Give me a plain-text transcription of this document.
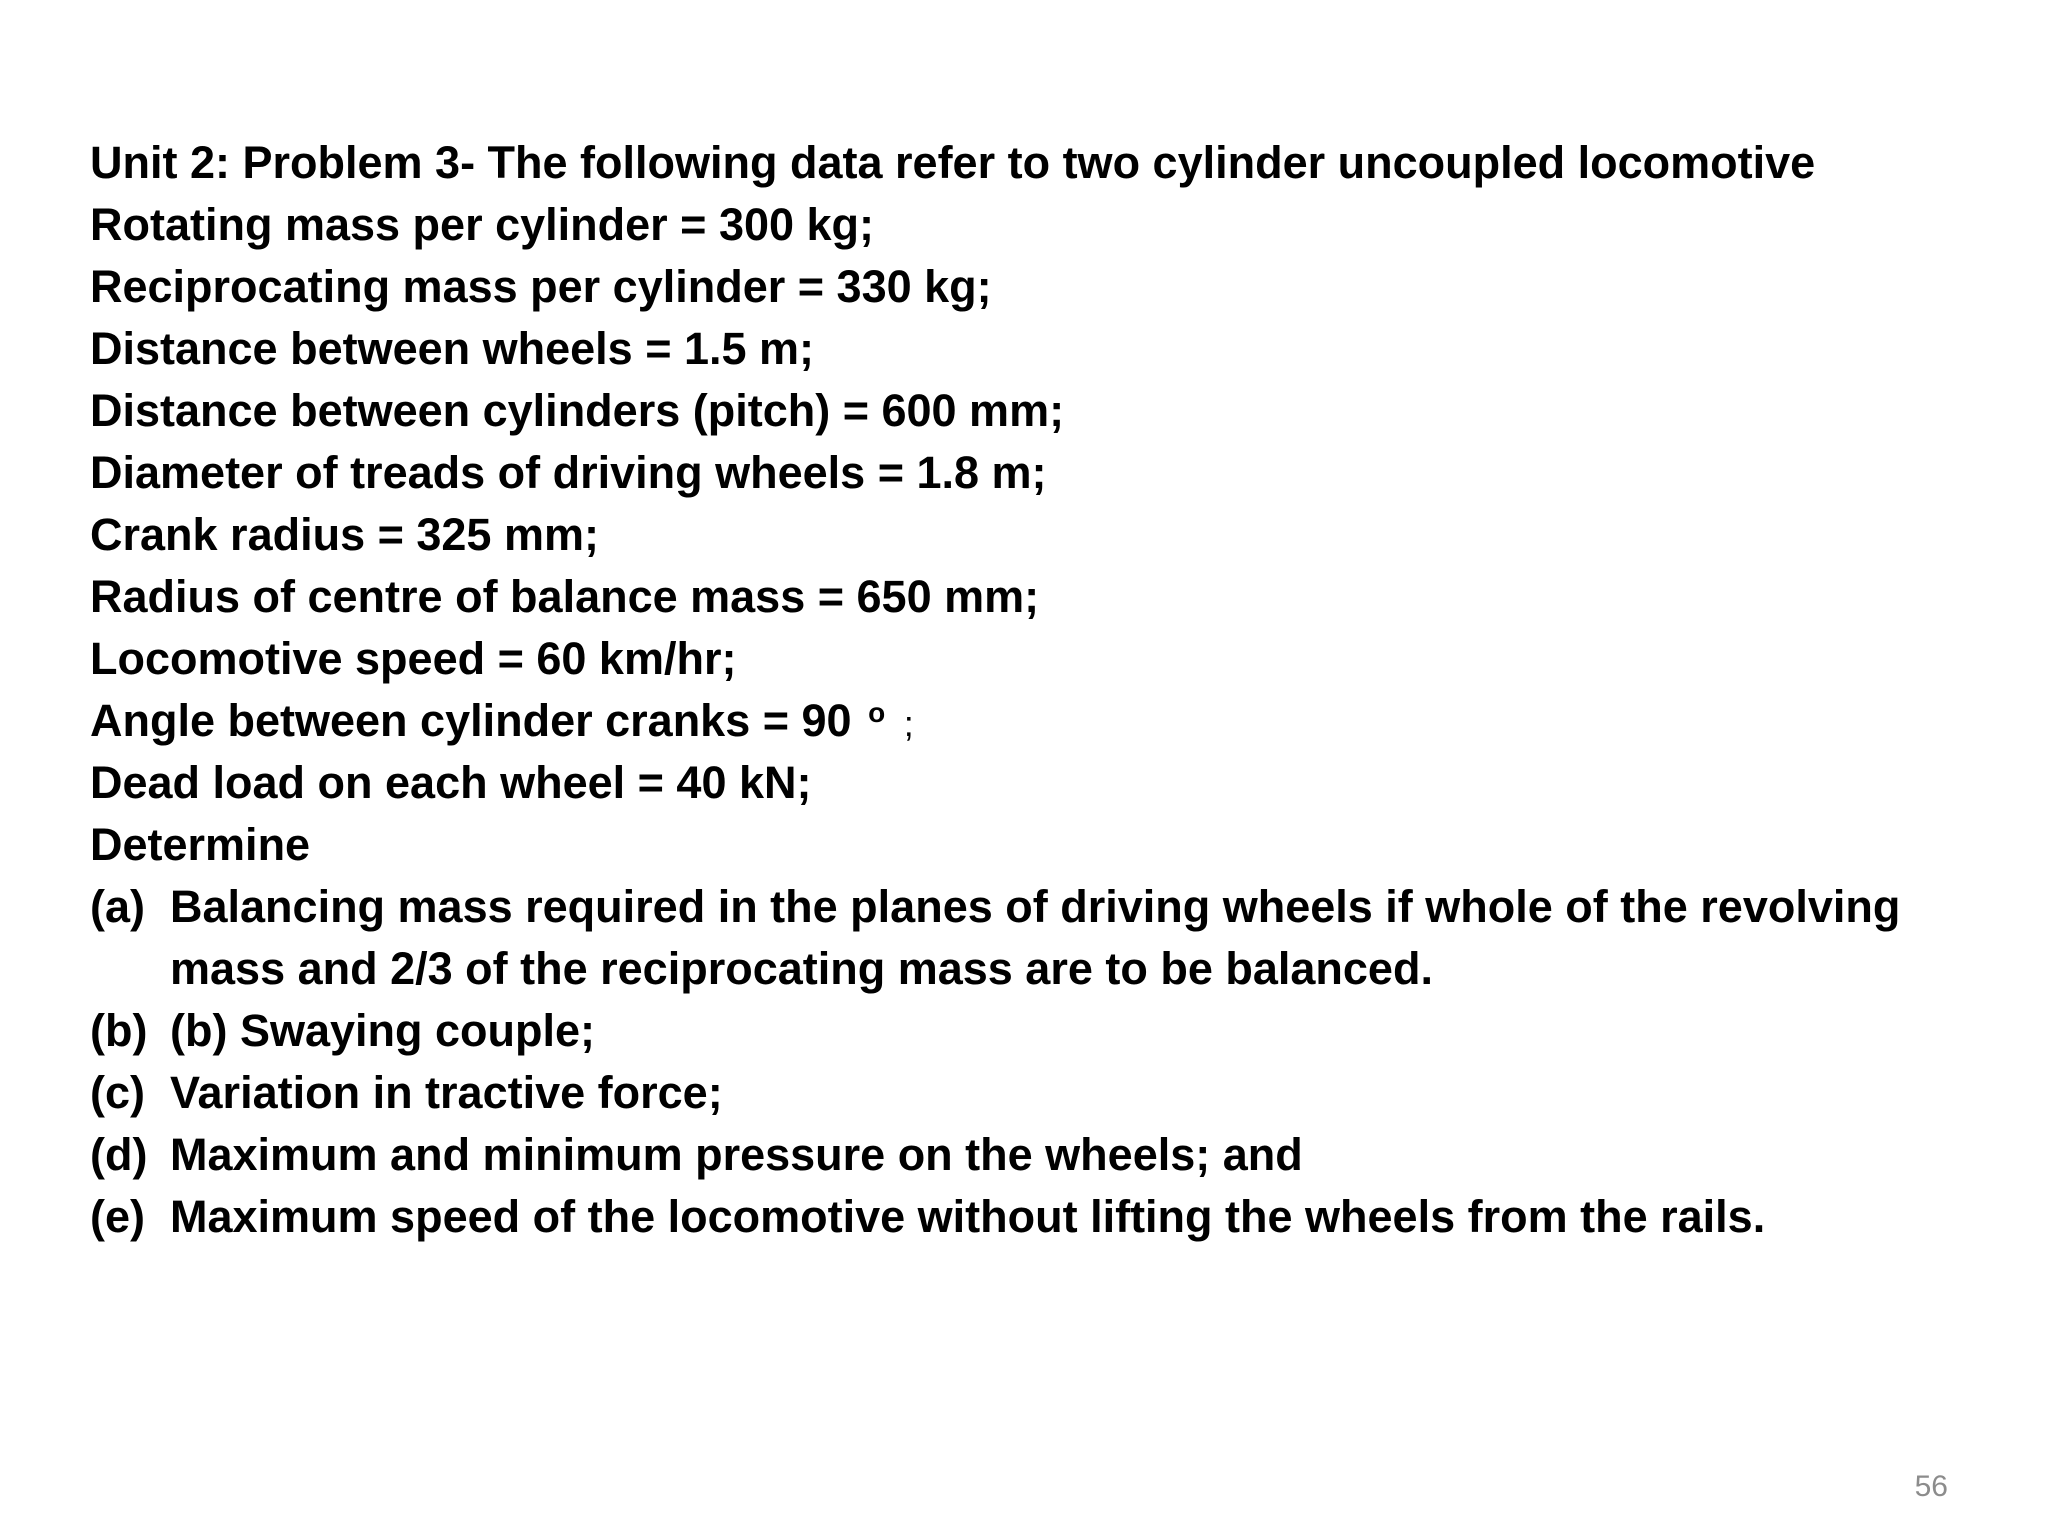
Unit 2: Problem 3- The following data refer to two cylinder uncoupled locomotive
Rotating mass per cylinder = 300 kg;
Reciprocating mass per cylinder = 330 kg;
Distance between wheels = 1.5 m;
Distance between cylinders (pitch) = 600 mm;
Diameter of treads of driving wheels = 1.8 m;
Crank radius = 325 mm;
Radius of centre of balance mass = 650 mm;
Locomotive speed = 60 km/hr;
Angle between cylinder cranks = 90 $^o$ ;
Dead load on each wheel = 40 kN;
Determine
(a) Balancing mass required in the planes of driving wheels if whole of the revolving mass and 2/3 of the reciprocating mass are to be balanced.
(b) (b) Swaying couple;
(c) Variation in tractive force;
(d) Maximum and minimum pressure on the wheels; and
(e) Maximum speed of the locomotive without lifting the wheels from the rails.
56
